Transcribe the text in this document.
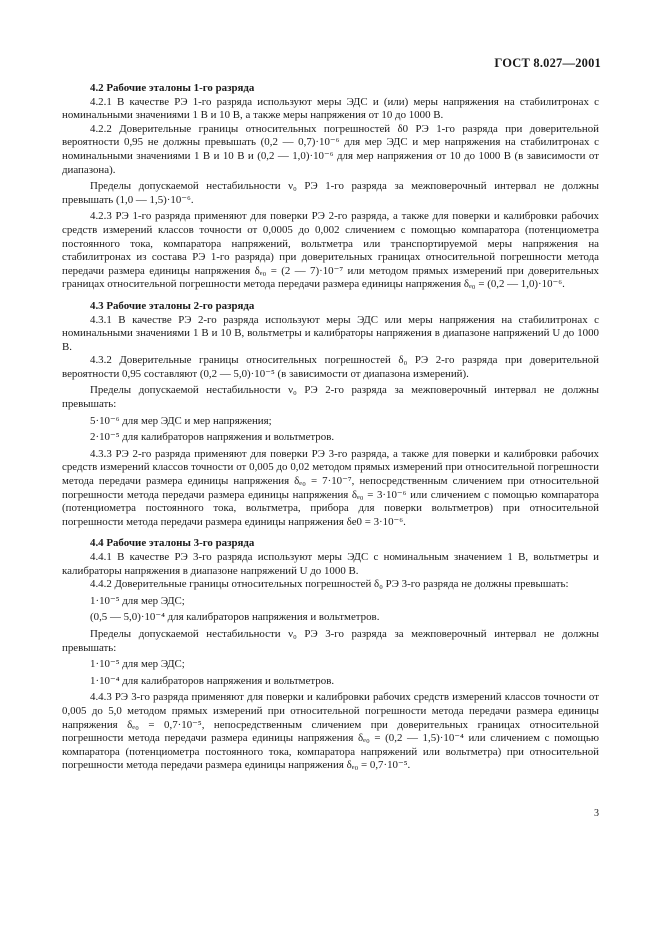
ГОСТ 8.027—2001

4.2 Рабочие эталоны 1-го разряда

4.2.1 В качестве РЭ 1-го разряда используют меры ЭДС и (или) меры напряжения на стабилитронах с номинальными значениями 1 В и 10 В, а также меры напряжения от 10 до 1000 В.

4.2.2 Доверительные границы относительных погрешностей δ0 РЭ 1-го разряда при доверительной вероятности 0,95 не должны превышать (0,2 — 0,7)·10⁻⁶ для мер ЭДС и мер напряжения на стабилитронах с номинальными значениями 1 В и 10 В и (0,2 — 1,0)·10⁻⁶ для мер напряжения от 10 до 1000 В (в зависимости от диапазона).

Пределы допускаемой нестабильности ν₀ РЭ 1-го разряда за межповерочный интервал не должны превышать (1,0 — 1,5)·10⁻⁶.

4.2.3 РЭ 1-го разряда применяют для поверки РЭ 2-го разряда, а также для поверки и калибровки рабочих средств измерений классов точности от 0,0005 до 0,002 сличением с помощью компаратора (потенциометра постоянного тока, компаратора напряжений, вольтметра или транспортируемой меры напряжения на стабилитронах из состава РЭ 1-го разряда) при доверительных границах относительной погрешности метода передачи размера единицы напряжения δₑ₀ = (2 — 7)·10⁻⁷ или методом прямых измерений при доверительных границах относительной погрешности метода передачи размера единицы напряжения δₑ₀ = (0,2 — 1,0)·10⁻⁶.

4.3 Рабочие эталоны 2-го разряда

4.3.1 В качестве РЭ 2-го разряда используют меры ЭДС или меры напряжения на стабилитронах с номинальными значениями 1 В и 10 В, вольтметры и калибраторы напряжения в диапазоне напряжений U до 1000 В.

4.3.2 Доверительные границы относительных погрешностей δ₀ РЭ 2-го разряда при доверительной вероятности 0,95 составляют (0,2 — 5,0)·10⁻⁵ (в зависимости от диапазона измерений).

Пределы допускаемой нестабильности ν₀ РЭ 2-го разряда за межповерочный интервал не должны превышать:

5·10⁻⁶ для мер ЭДС и мер напряжения;

2·10⁻⁵ для калибраторов напряжения и вольтметров.

4.3.3 РЭ 2-го разряда применяют для поверки РЭ 3-го разряда, а также для поверки и калибровки рабочих средств измерений классов точности от 0,005 до 0,02 методом прямых измерений при относительной погрешности метода передачи размера единицы напряжения δₑ₀ = 7·10⁻⁷, непосредственным сличением при относительной погрешности метода передачи размера единицы напряжения δₑ₀ = 3·10⁻⁶ или сличением с помощью компаратора (потенциометра постоянного тока, вольтметра, прибора для поверки вольтметров) при относительной погрешности метода передачи размера единицы напряжения δе0 = 3·10⁻⁶.

4.4 Рабочие эталоны 3-го разряда

4.4.1 В качестве РЭ 3-го разряда используют меры ЭДС с номинальным значением 1 В, вольтметры и калибраторы напряжения в диапазоне напряжений U до 1000 В.

4.4.2 Доверительные границы относительных погрешностей δ₀ РЭ 3-го разряда не должны превышать:

1·10⁻⁵ для мер ЭДС;

(0,5 — 5,0)·10⁻⁴ для калибраторов напряжения и вольтметров.

Пределы допускаемой нестабильности ν₀ РЭ 3-го разряда за межповерочный интервал не должны превышать:

1·10⁻⁵ для мер ЭДС;

1·10⁻⁴ для калибраторов напряжения и вольтметров.

4.4.3 РЭ 3-го разряда применяют для поверки и калибровки рабочих средств измерений классов точности от 0,005 до 5,0 методом прямых измерений при относительной погрешности метода передачи размера единицы напряжения δₑ₀ = 0,7·10⁻⁵, непосредственным сличением при доверительных границах относительной погрешности метода передачи размера единицы напряжения δₑ₀ = (0,2 — 1,5)·10⁻⁴ или сличением с помощью компаратора (потенциометра постоянного тока, компаратора напряжений или вольтметра) при относительной погрешности метода передачи размера единицы напряжения δₑ₀ = 0,7·10⁻⁵.

3
